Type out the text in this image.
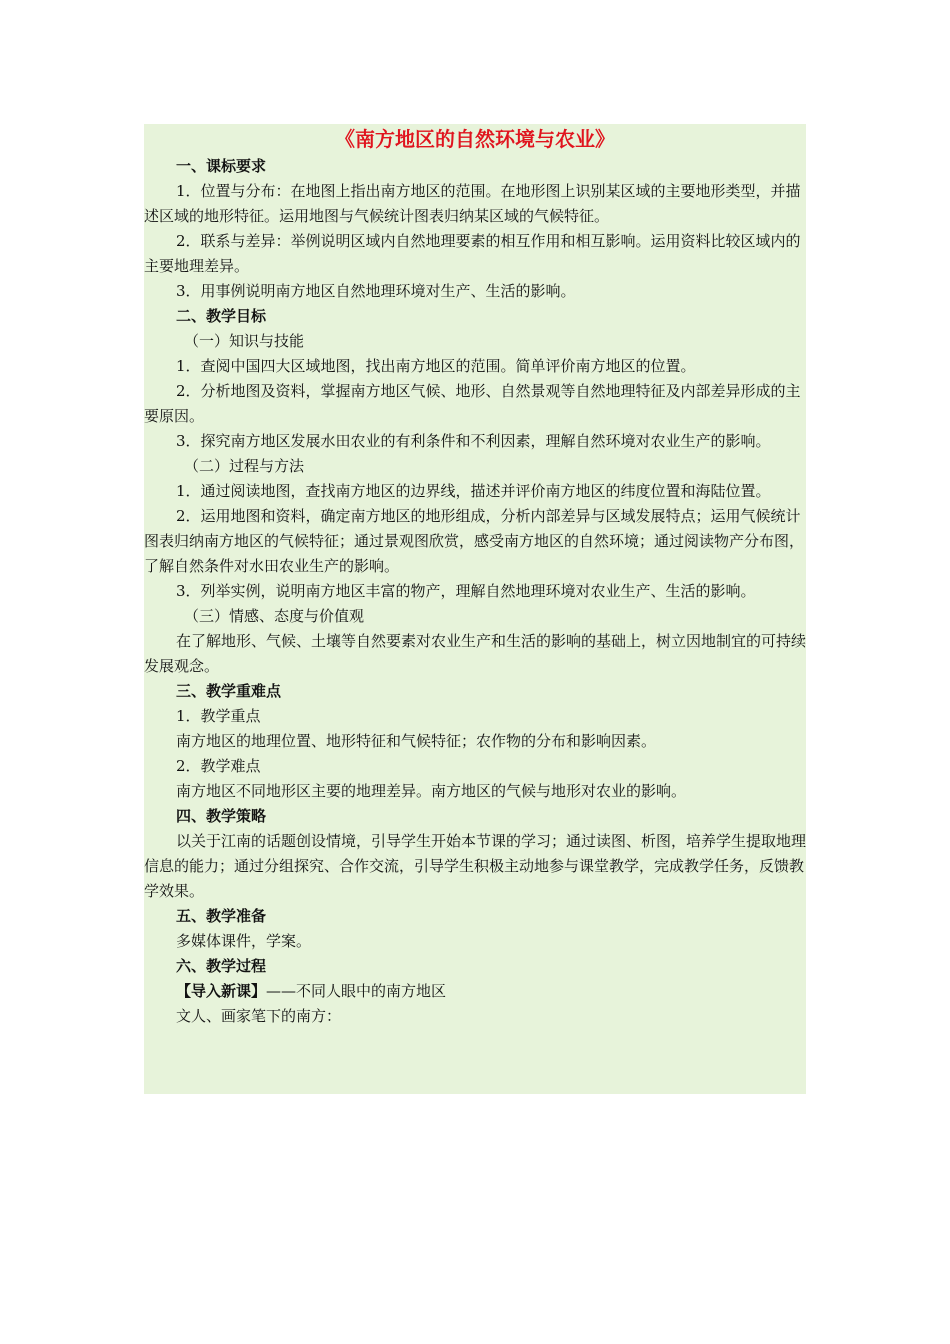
《南方地区的自然环境与农业》
一、课标要求

1．位置与分布：在地图上指出南方地区的范围。在地形图上识别某区域的主要地形类型，并描述区域的地形特征。运用地图与气候统计图表归纳某区域的气候特征。

2．联系与差异：举例说明区域内自然地理要素的相互作用和相互影响。运用资料比较区域内的主要地理差异。

3．用事例说明南方地区自然地理环境对生产、生活的影响。

二、教学目标
（一）知识与技能

1．查阅中国四大区域地图，找出南方地区的范围。简单评价南方地区的位置。

2．分析地图及资料，掌握南方地区气候、地形、自然景观等自然地理特征及内部差异形成的主要原因。

3．探究南方地区发展水田农业的有利条件和不利因素，理解自然环境对农业生产的影响。

（二）过程与方法

1．通过阅读地图，查找南方地区的边界线，描述并评价南方地区的纬度位置和海陆位置。

2．运用地图和资料，确定南方地区的地形组成，分析内部差异与区域发展特点；运用气候统计图表归纳南方地区的气候特征；通过景观图欣赏，感受南方地区的自然环境；通过阅读物产分布图，了解自然条件对水田农业生产的影响。

3．列举实例，说明南方地区丰富的物产，理解自然地理环境对农业生产、生活的影响。

（三）情感、态度与价值观

在了解地形、气候、土壤等自然要素对农业生产和生活的影响的基础上，树立因地制宜的可持续发展观念。

三、教学重难点
1．教学重点
南方地区的地理位置、地形特征和气候特征；农作物的分布和影响因素。
2．教学难点
南方地区不同地形区主要的地理差异。南方地区的气候与地形对农业的影响。
四、教学策略

以关于江南的话题创设情境，引导学生开始本节课的学习；通过读图、析图，培养学生提取地理信息的能力；通过分组探究、合作交流，引导学生积极主动地参与课堂教学，完成教学任务，反馈教学效果。

五、教学准备
多媒体课件，学案。
六、教学过程
【导入新课】——不同人眼中的南方地区
文人、画家笔下的南方：
